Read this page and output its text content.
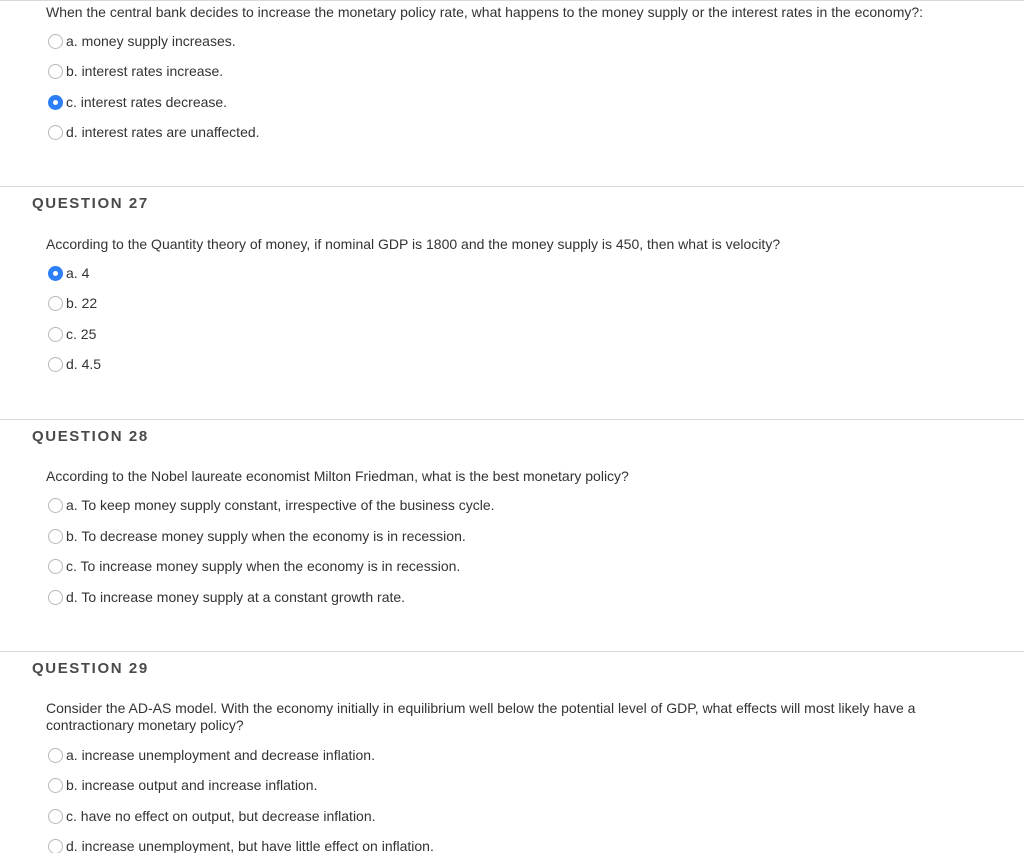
When the central bank decides to increase the monetary policy rate, what happens to the money supply or the interest rates in the economy?:
a. money supply increases.
b. interest rates increase.
c. interest rates decrease.
d. interest rates are unaffected.
QUESTION 27
According to the Quantity theory of money, if nominal GDP is 1800 and the money supply is 450, then what is velocity?
a. 4
b. 22
c. 25
d. 4.5
QUESTION 28
According to the Nobel laureate economist Milton Friedman, what is the best monetary policy?
a. To keep money supply constant, irrespective of the business cycle.
b. To decrease money supply when the economy is in recession.
c. To increase money supply when the economy is in recession.
d. To increase money supply at a constant growth rate.
QUESTION 29
Consider the AD-AS model. With the economy initially in equilibrium well below the potential level of GDP, what effects will most likely have a contractionary monetary policy?
a. increase unemployment and decrease inflation.
b. increase output and increase inflation.
c. have no effect on output, but decrease inflation.
d. increase unemployment, but have little effect on inflation.
